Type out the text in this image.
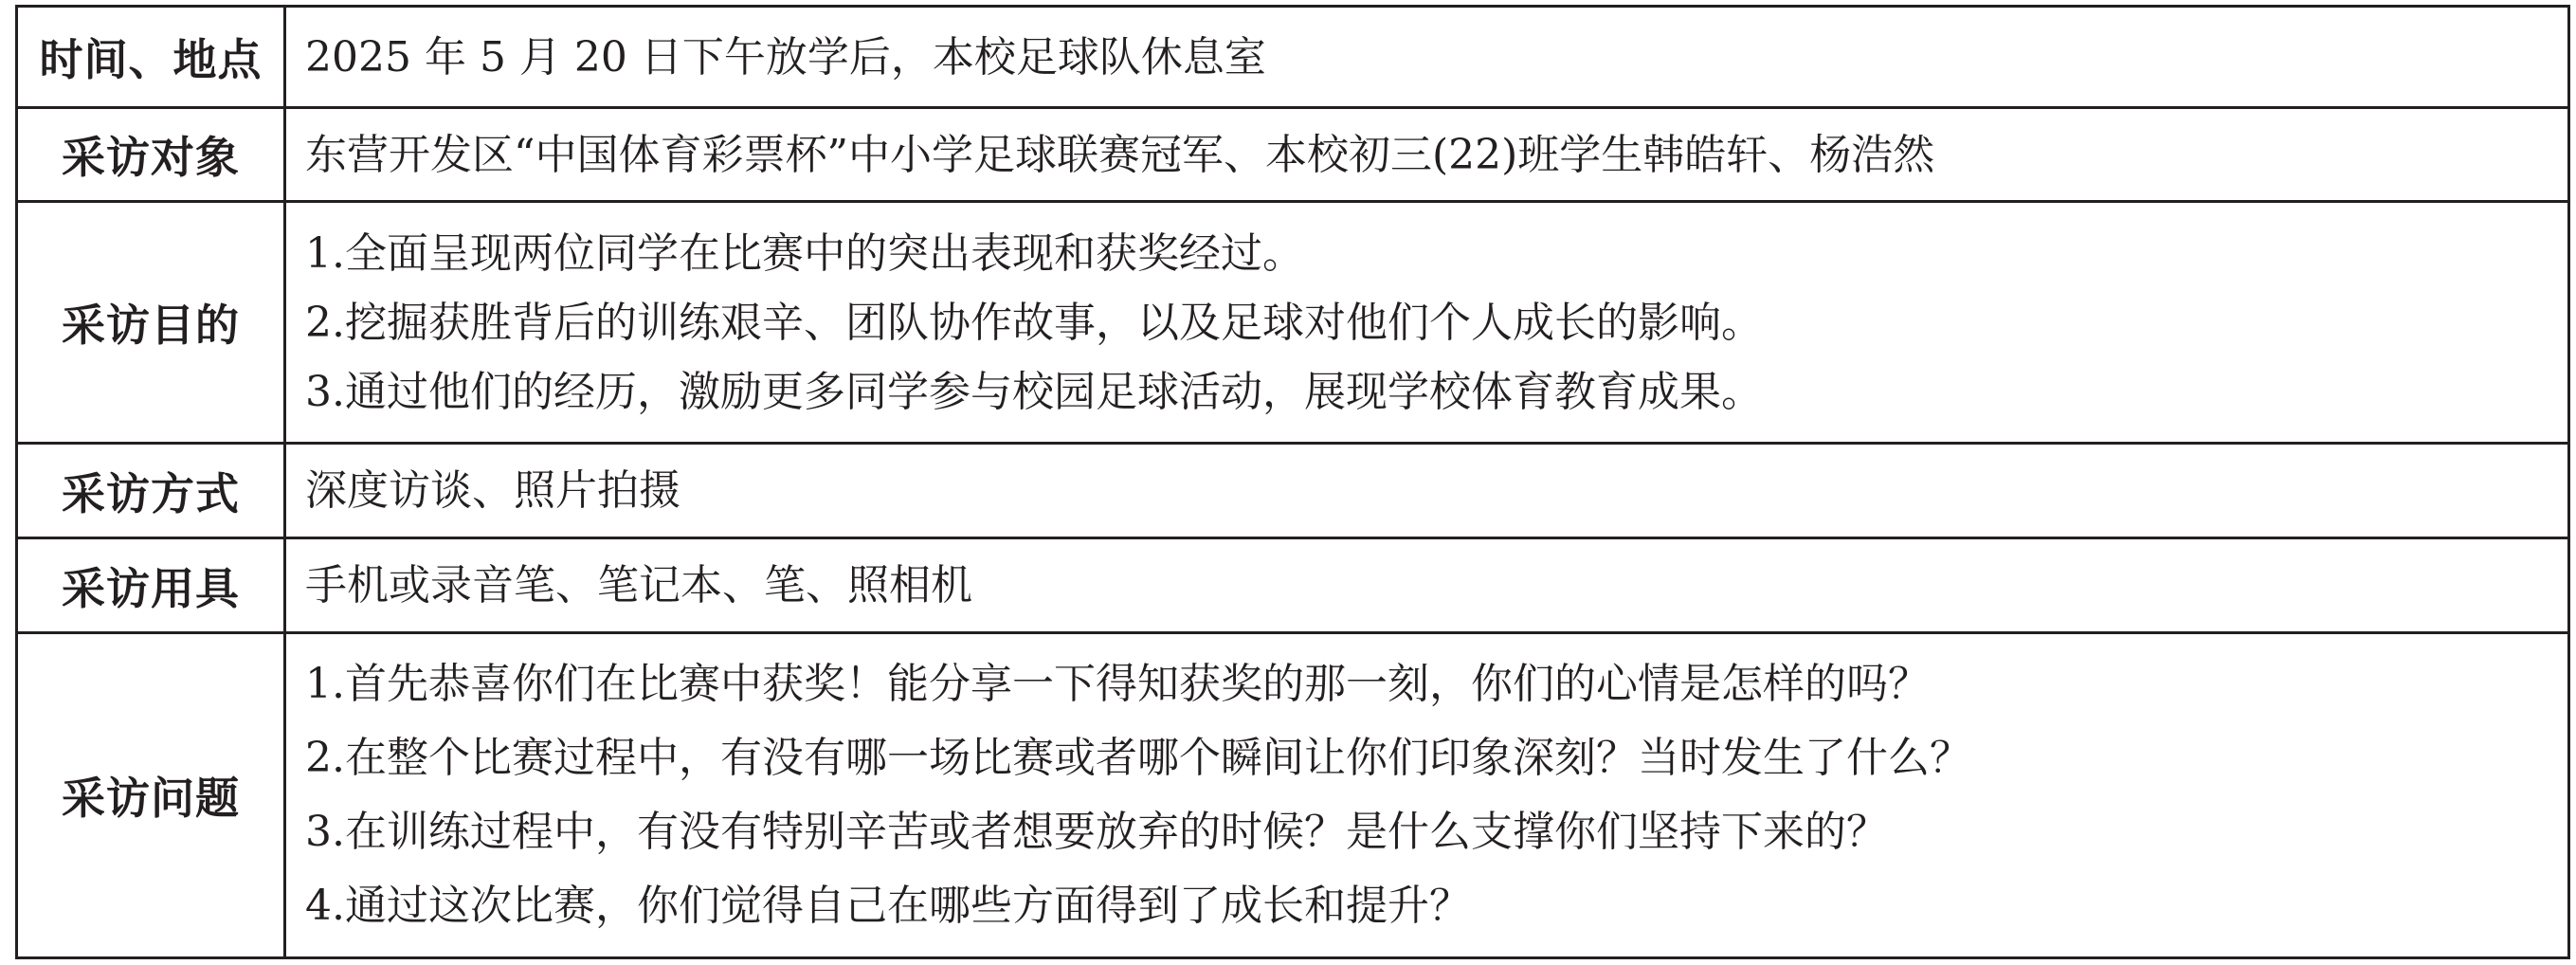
时间、地点	2025 年 5 月 20 日下午放学后，本校足球队休息室

采访对象	东营开发区“中国体育彩票杯”中小学足球联赛冠军、本校初三(22)班学生韩皓轩、杨浩然

采访目的	1.全面呈现两位同学在比赛中的突出表现和获奖经过。
2.挖掘获胜背后的训练艰辛、团队协作故事，以及足球对他们个人成长的影响。
3.通过他们的经历，激励更多同学参与校园足球活动，展现学校体育教育成果。

采访方式	深度访谈、照片拍摄

采访用具	手机或录音笔、笔记本、笔、照相机

采访问题	1.首先恭喜你们在比赛中获奖！能分享一下得知获奖的那一刻，你们的心情是怎样的吗？
2.在整个比赛过程中，有没有哪一场比赛或者哪个瞬间让你们印象深刻？当时发生了什么？
3.在训练过程中，有没有特别辛苦或者想要放弃的时候？是什么支撑你们坚持下来的？
4.通过这次比赛，你们觉得自己在哪些方面得到了成长和提升？
